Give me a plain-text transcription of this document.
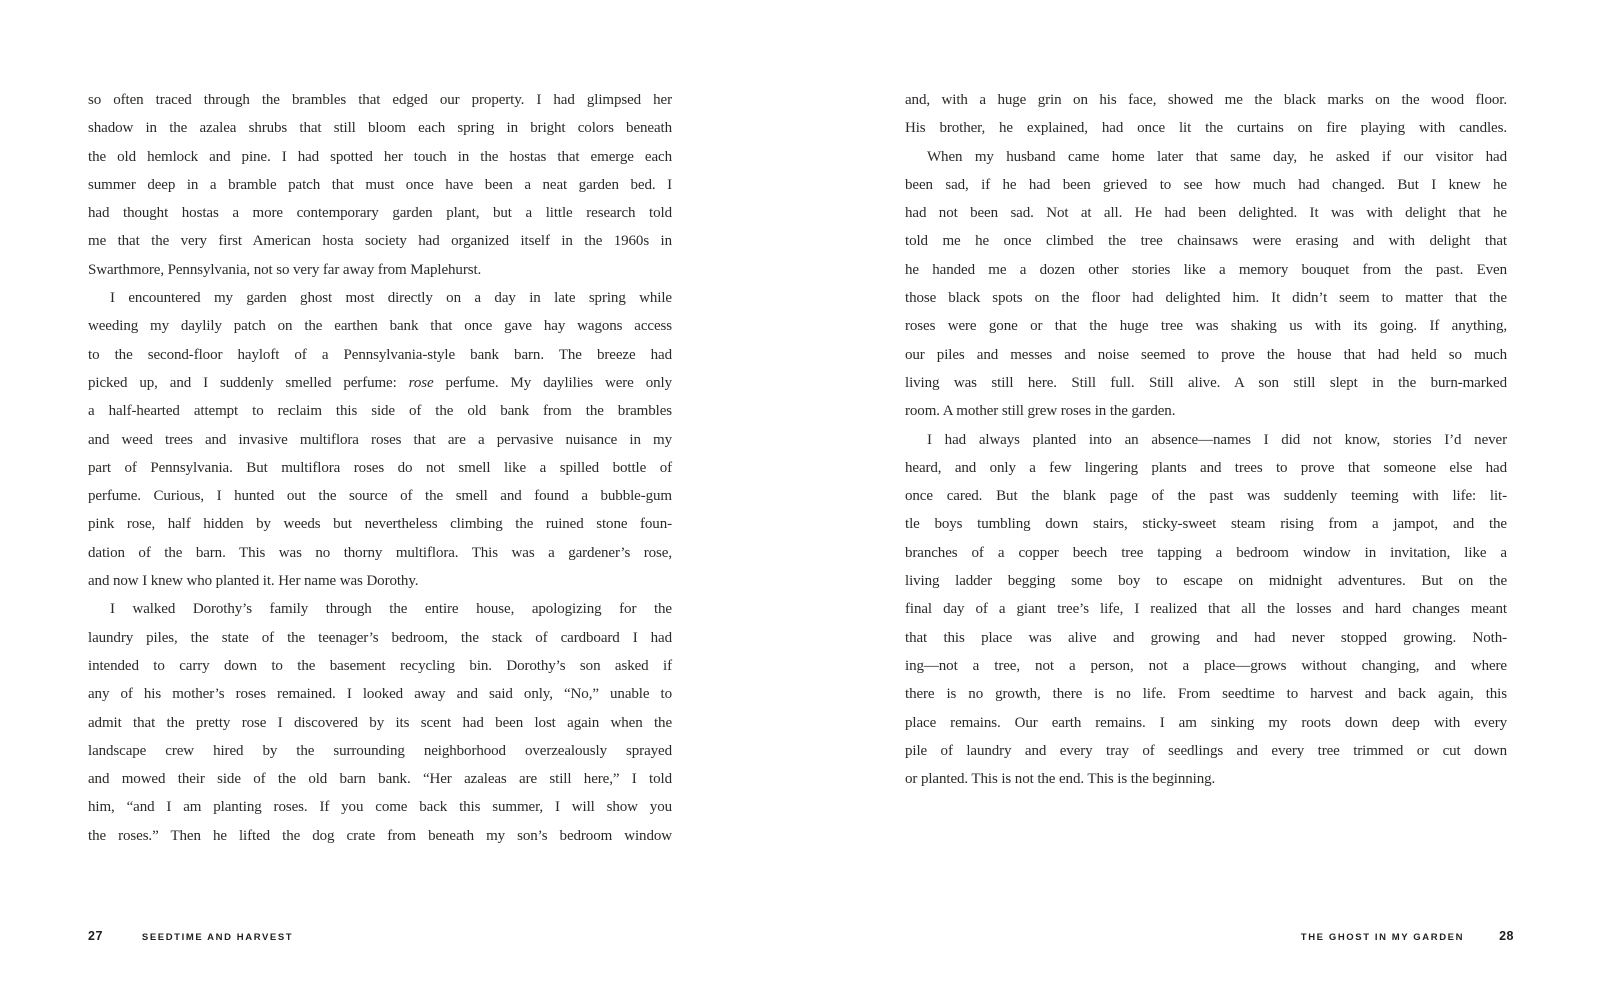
so often traced through the brambles that edged our property. I had glimpsed her
shadow in the azalea shrubs that still bloom each spring in bright colors beneath
the old hemlock and pine. I had spotted her touch in the hostas that emerge each
summer deep in a bramble patch that must once have been a neat garden bed. I
had thought hostas a more contemporary garden plant, but a little research told
me that the very first American hosta society had organized itself in the 1960s in
Swarthmore, Pennsylvania, not so very far away from Maplehurst.
I encountered my garden ghost most directly on a day in late spring while
weeding my daylily patch on the earthen bank that once gave hay wagons access
to the second-floor hayloft of a Pennsylvania-style bank barn. The breeze had
picked up, and I suddenly smelled perfume: rose perfume. My daylilies were only
a half-hearted attempt to reclaim this side of the old bank from the brambles
and weed trees and invasive multiflora roses that are a pervasive nuisance in my
part of Pennsylvania. But multiflora roses do not smell like a spilled bottle of
perfume. Curious, I hunted out the source of the smell and found a bubble-gum
pink rose, half hidden by weeds but nevertheless climbing the ruined stone foun-
dation of the barn. This was no thorny multiflora. This was a gardener’s rose,
and now I knew who planted it. Her name was Dorothy.
I walked Dorothy’s family through the entire house, apologizing for the
laundry piles, the state of the teenager’s bedroom, the stack of cardboard I had
intended to carry down to the basement recycling bin. Dorothy’s son asked if
any of his mother’s roses remained. I looked away and said only, “No,” unable to
admit that the pretty rose I discovered by its scent had been lost again when the
landscape crew hired by the surrounding neighborhood overzealously sprayed
and mowed their side of the old barn bank. “Her azaleas are still here,” I told
him, “and I am planting roses. If you come back this summer, I will show you
the roses.” Then he lifted the dog crate from beneath my son’s bedroom window
and, with a huge grin on his face, showed me the black marks on the wood floor.
His brother, he explained, had once lit the curtains on fire playing with candles.
When my husband came home later that same day, he asked if our visitor had
been sad, if he had been grieved to see how much had changed. But I knew he
had not been sad. Not at all. He had been delighted. It was with delight that he
told me he once climbed the tree chainsaws were erasing and with delight that
he handed me a dozen other stories like a memory bouquet from the past. Even
those black spots on the floor had delighted him. It didn’t seem to matter that the
roses were gone or that the huge tree was shaking us with its going. If anything,
our piles and messes and noise seemed to prove the house that had held so much
living was still here. Still full. Still alive. A son still slept in the burn-marked
room. A mother still grew roses in the garden.
I had always planted into an absence—names I did not know, stories I’d never
heard, and only a few lingering plants and trees to prove that someone else had
once cared. But the blank page of the past was suddenly teeming with life: lit-
tle boys tumbling down stairs, sticky-sweet steam rising from a jampot, and the
branches of a copper beech tree tapping a bedroom window in invitation, like a
living ladder begging some boy to escape on midnight adventures. But on the
final day of a giant tree’s life, I realized that all the losses and hard changes meant
that this place was alive and growing and had never stopped growing. Noth-
ing—not a tree, not a person, not a place—grows without changing, and where
there is no growth, there is no life. From seedtime to harvest and back again, this
place remains. Our earth remains. I am sinking my roots down deep with every
pile of laundry and every tray of seedlings and every tree trimmed or cut down
or planted. This is not the end. This is the beginning.
27	SEEDTIME AND HARVEST	THE GHOST IN MY GARDEN	28
